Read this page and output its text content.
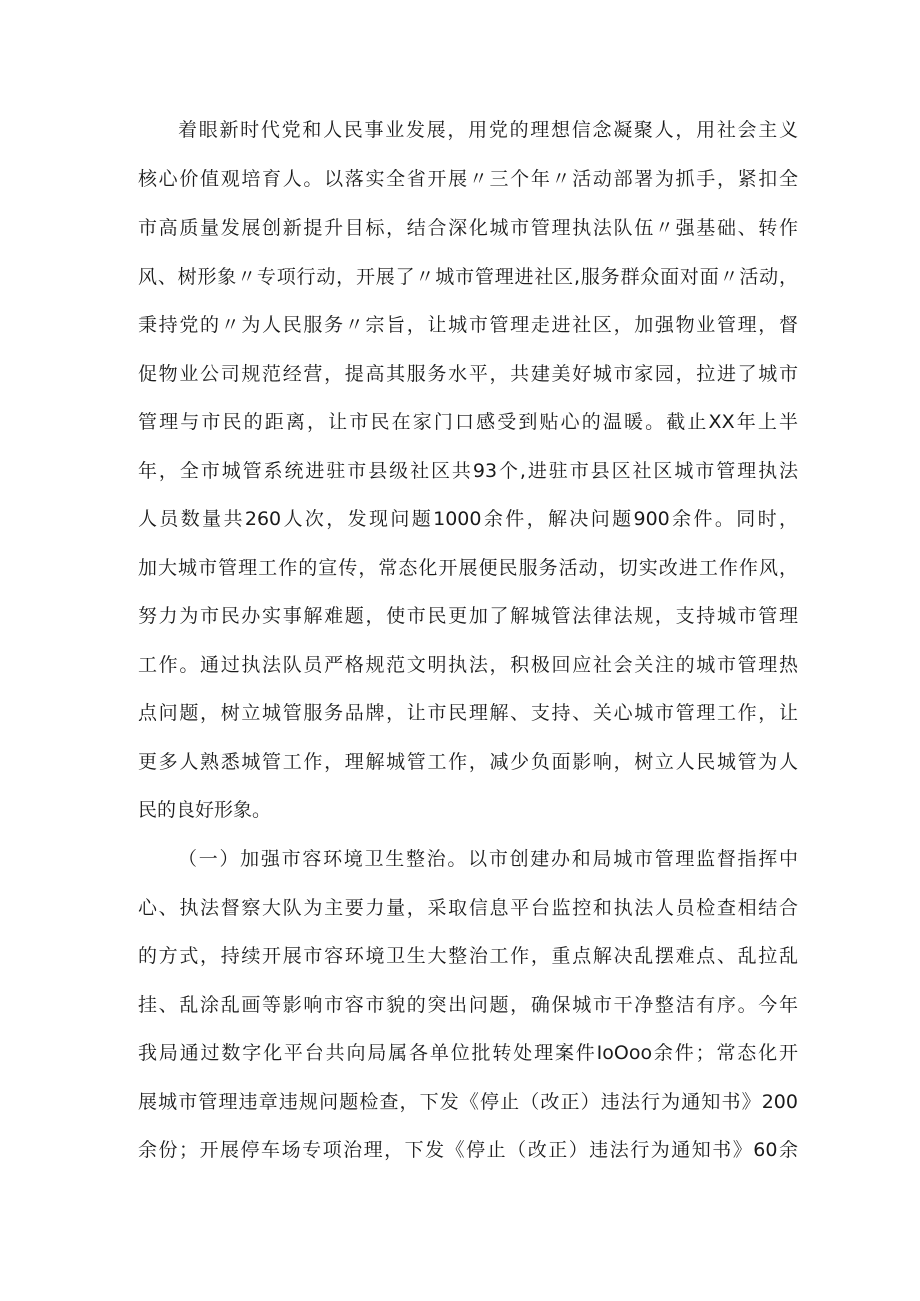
着眼新时代党和人民事业发展，用党的理想信念凝聚人，用社会主义
核心价值观培育人。以落实全省开展〃三个年〃活动部署为抓手，紧扣全
市高质量发展创新提升目标，结合深化城市管理执法队伍〃强基础、转作
风、树形象〃专项行动，开展了〃城市管理进社区,服务群众面对面〃活动，
秉持党的〃为人民服务〃宗旨，让城市管理走进社区，加强物业管理，督
促物业公司规范经营，提高其服务水平，共建美好城市家园，拉进了城市
管理与市民的距离，让市民在家门口感受到贴心的温暖。截止XX年上半
年，全市城管系统进驻市县级社区共93个,进驻市县区社区城市管理执法
人员数量共260人次，发现问题1000余件，解决问题900余件。同时，
加大城市管理工作的宣传，常态化开展便民服务活动，切实改进工作作风，
努力为市民办实事解难题，使市民更加了解城管法律法规，支持城市管理
工作。通过执法队员严格规范文明执法，积极回应社会关注的城市管理热
点问题，树立城管服务品牌，让市民理解、支持、关心城市管理工作，让
更多人熟悉城管工作，理解城管工作，减少负面影响，树立人民城管为人
民的良好形象。
（一）加强市容环境卫生整治。以市创建办和局城市管理监督指挥中
心、执法督察大队为主要力量，采取信息平台监控和执法人员检查相结合
的方式，持续开展市容环境卫生大整治工作，重点解决乱摆难点、乱拉乱
挂、乱涂乱画等影响市容市貌的突出问题，确保城市干净整洁有序。今年
我局通过数字化平台共向局属各单位批转处理案件IoOoo余件；常态化开
展城市管理违章违规问题检查，下发《停止（改正）违法行为通知书》200
余份；开展停车场专项治理，下发《停止（改正）违法行为通知书》60余
